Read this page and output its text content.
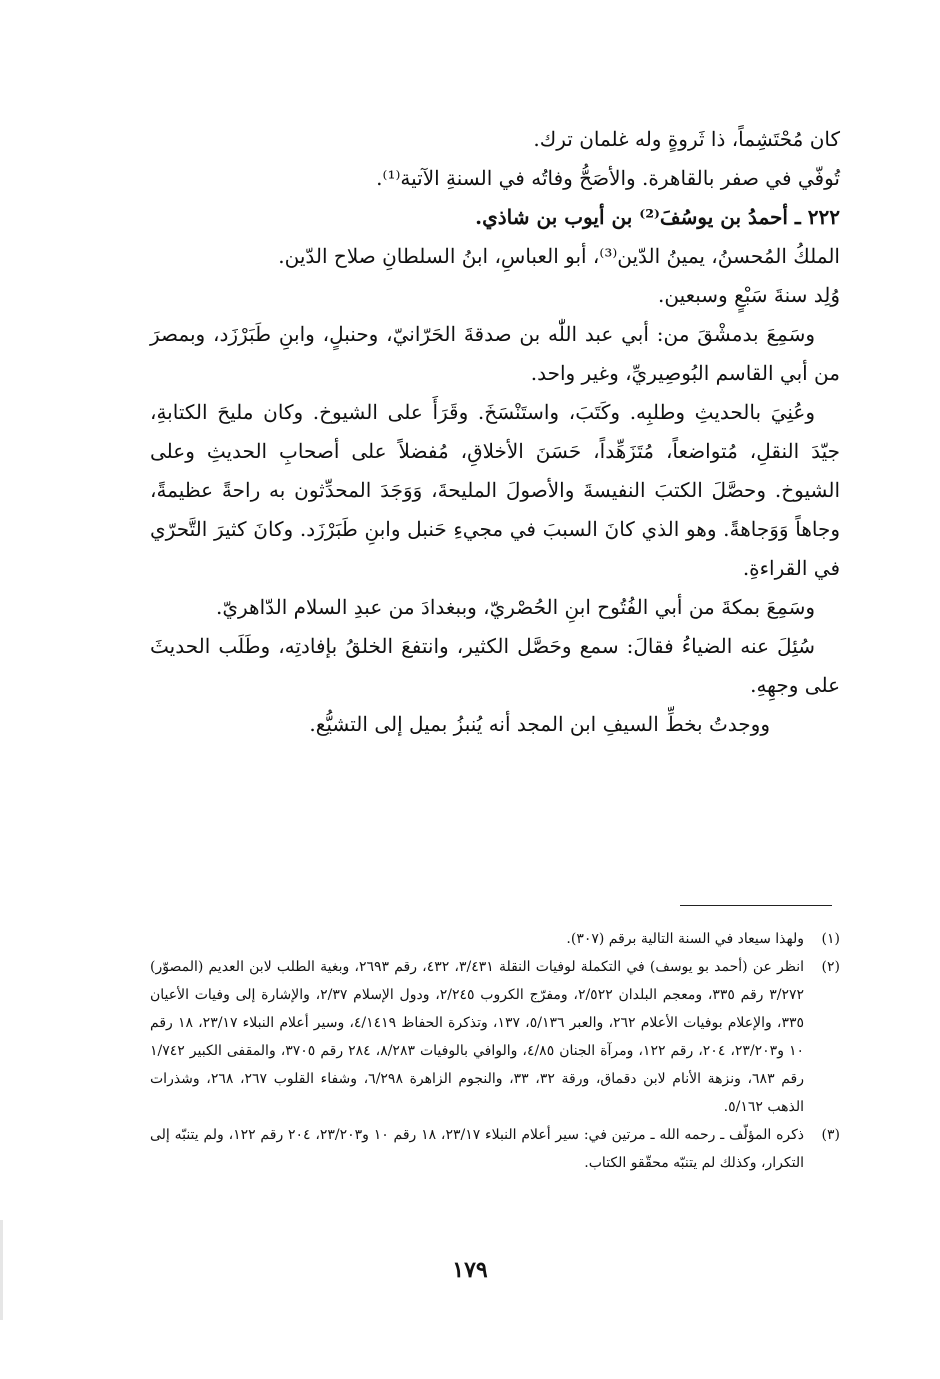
كان مُحْتَشِماً، ذا ثَروةٍ وله غلمان ترك.

تُوفّي في صفر بالقاهرة. والأصَحُّ وفاتُه في السنةِ الآتية⁽¹⁾.

٢٢٢ ـ أحمدُ بن يوسُفَ⁽²⁾ بن أيوب بن شاذي.

الملكُ المُحسنُ، يمينُ الدّين⁽³⁾، أبو العباسِ، ابنُ السلطانِ صلاح الدّين.

وُلِد سنةَ سَبْعٍ وسبعين.

وسَمِعَ بدمشْقَ من: أبي عبد اللّٰه بن صدقةَ الحَرّانيّ، وحنبلٍ، وابنِ طَبَرْزَد، وبمصرَ من أبي القاسم البُوصِيريِّ، وغير واحد.

وعُنِيَ بالحديثِ وطلبِه. وكَتَبَ، واستَنْسَخَ. وقَرَأَ على الشيوخ. وكان مليحَ الكتابةِ، جيّدَ النقلِ، مُتواضعاً، مُتَزَهِّداً، حَسَنَ الأخلاقِ، مُفضلاً على أصحابِ الحديثِ وعلى الشيوخ. وحصَّلَ الكتبَ النفيسةَ والأصولَ المليحةَ، وَوَجَدَ المحدِّثون به راحةً عظيمةً، وجاهاً وَوَجاهةً. وهو الذي كانَ السببَ في مجيءِ حَنبل وابنِ طَبَرْزَد. وكانَ كثيرَ التَّحرّي في القراءةِ.

وسَمِعَ بمكةَ من أبي الفُتُوح ابنِ الحُصْريّ، وببغدادَ من عبدِ السلام الدّاهريّ.

سُئِلَ عنه الضياءُ فقالَ: سمع وحَصَّل الكثير، وانتفعَ الخلقُ بإفادتِه، وطَلَب الحديثَ على وجهِهِ.

ووجدتُ بخطِّ السيفِ ابن المجد أنه يُنبزُ بميل إلى التشيُّع.

(١)
ولهذا سيعاد في السنة التالية برقم (٣٠٧).
(٢)
انظر عن (أحمد بو يوسف) في التكملة لوفيات النقلة ٣/٤٣١، ٤٣٢، رقم ٢٦٩٣، وبغية الطلب لابن العديم (المصوّر) ٣/٢٧٢ رقم ٣٣٥، ومعجم البلدان ٢/٥٢٢، ومفرّج الكروب ٢/٢٤٥، ودول الإسلام ٢/٣٧، والإشارة إلى وفيات الأعيان ٣٣٥، والإعلام بوفيات الأعلام ٢٦٢، والعبر ٥/١٣٦، ١٣٧، وتذكرة الحفاظ ٤/١٤١٩، وسير أعلام النبلاء ٢٣/١٧، ١٨ رقم ١٠ و٢٣/٢٠٣، ٢٠٤، رقم ١٢٢، ومرآة الجنان ٤/٨٥، والوافي بالوفيات ٨/٢٨٣، ٢٨٤ رقم ٣٧٠٥، والمقفى الكبير ١/٧٤٢ رقم ٦٨٣، ونزهة الأنام لابن دقماق، ورقة ٣٢، ٣٣، والنجوم الزاهرة ٦/٢٩٨، وشفاء القلوب ٢٦٧، ٢٦٨، وشذرات الذهب ٥/١٦٢.
(٣)
ذكره المؤلّف ـ رحمه الله ـ مرتين في: سير أعلام النبلاء ٢٣/١٧، ١٨ رقم ١٠ و٢٣/٢٠٣، ٢٠٤ رقم ١٢٢، ولم يتنبّه إلى التكرار، وكذلك لم يتنبّه محقّقو الكتاب.
١٧٩
